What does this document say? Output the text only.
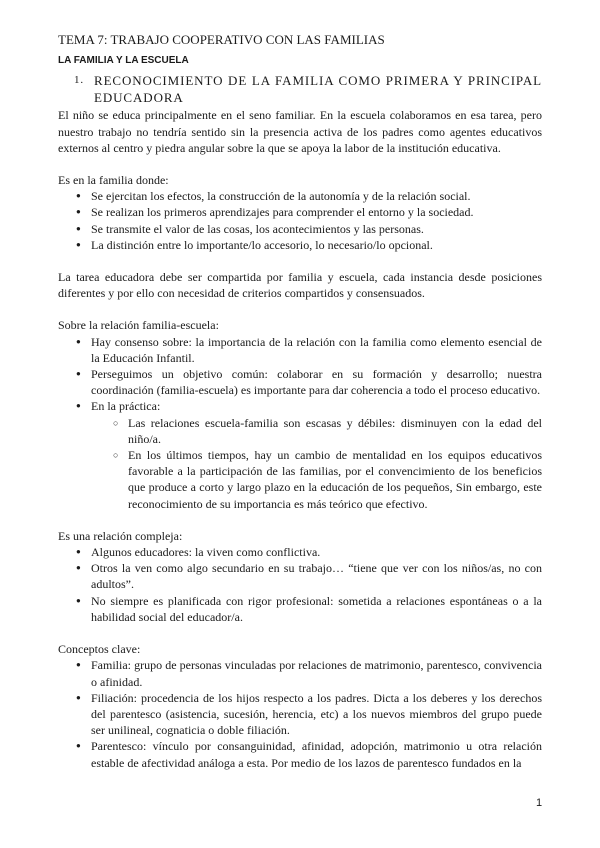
TEMA 7: TRABAJO COOPERATIVO CON LAS FAMILIAS
LA FAMILIA Y LA ESCUELA
1. RECONOCIMIENTO DE LA FAMILIA COMO PRIMERA Y PRINCIPAL EDUCADORA

El niño se educa principalmente en el seno familiar. En la escuela colaboramos en esa tarea, pero nuestro trabajo no tendría sentido sin la presencia activa de los padres como agentes educativos externos al centro y piedra angular sobre la que se apoya la labor de la institución educativa.

Es en la familia donde:

● Se ejercitan los efectos, la construcción de la autonomía y de la relación social.
● Se realizan los primeros aprendizajes para comprender el entorno y la sociedad.
● Se transmite el valor de las cosas, los acontecimientos y las personas.
● La distinción entre lo importante/lo accesorio, lo necesario/lo opcional.

La tarea educadora debe ser compartida por familia y escuela, cada instancia desde posiciones diferentes y por ello con necesidad de criterios compartidos y consensuados.

Sobre la relación familia-escuela:

● Hay consenso sobre: la importancia de la relación con la familia como elemento esencial de la Educación Infantil.
● Perseguimos un objetivo común: colaborar en su formación y desarrollo; nuestra coordinación (familia-escuela) es importante para dar coherencia a todo el proceso educativo.
● En la práctica:
○ Las relaciones escuela-familia son escasas y débiles: disminuyen con la edad del niño/a.
○ En los últimos tiempos, hay un cambio de mentalidad en los equipos educativos favorable a la participación de las familias, por el convencimiento de los beneficios que produce a corto y largo plazo en la educación de los pequeños, Sin embargo, este reconocimiento de su importancia es más teórico que efectivo.

Es una relación compleja:

● Algunos educadores: la viven como conflictiva.
● Otros la ven como algo secundario en su trabajo… “tiene que ver con los niños/as, no con adultos”.
● No siempre es planificada con rigor profesional: sometida a relaciones espontáneas o a la habilidad social del educador/a.

Conceptos clave:

● Familia: grupo de personas vinculadas por relaciones de matrimonio, parentesco, convivencia o afinidad.
● Filiación: procedencia de los hijos respecto a los padres. Dicta a los deberes y los derechos del parentesco (asistencia, sucesión, herencia, etc) a los nuevos miembros del grupo puede ser unilineal, cognaticia o doble filiación.
● Parentesco: vínculo por consanguinidad, afinidad, adopción, matrimonio u otra relación estable de afectividad análoga a esta. Por medio de los lazos de parentesco fundados en la
1
